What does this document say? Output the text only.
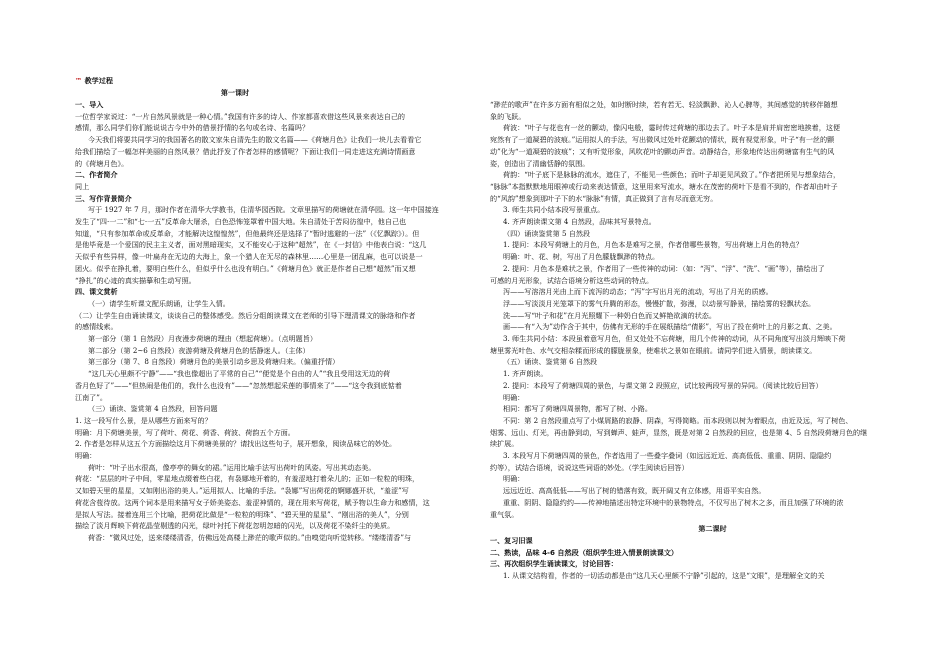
™ 教学过程
第一课时
一、导入
一位哲学家说过：“一片自然风景就是一种心情。”我国有许多的诗人、作家都喜欢借这些风景来表达自己的
感情，那么同学们你们能说说古今中外的借景抒情的名句或名诗、名篇吗？
今天我们将要共同学习的我国著名的散文家朱自清先生的散文名篇——《荷塘月色》让我们一块儿去看看它
给我们描绘了一幅怎样美丽的自然风景？借此抒发了作者怎样的感情呢？下面让我们一同走进这充满诗情画意
的《荷塘月色》。
二、作者简介
同上
三、写作背景简介
写于 1927 年 7 月，那时作者在清华大学教书，住清华园西院。文章里描写的荷塘就在清华园。这一年中国接连
发生了“四·一二”和“七·一五”反革命大屠杀，白色恐怖笼罩着中国大地。朱自清处于苦闷彷徨中，他自己也
知道，“只有参加革命或反革命，才能解决这惶惶然”，但他最终还是选择了“暂时逃避的一法”（《忆飘踪》）。但
是他毕竟是一个爱国的民主主义者，面对黑暗现实，又不能安心于这种“超然”，在《一封信》中他表白说：“这几
天似乎有些异样，像一叶扁舟在无边的大海上，象一个猎人在无尽的森林里……心里是一团乱麻，也可以说是一
团火。似乎在挣扎着，要明白些什么，但似乎什么也没有明白。”《荷塘月色》就正是作者自己想“超然”而又想
“挣扎”的心迹的真实描摹和生动写照。
四、课文赏析
（一）请学生听课文配乐朗诵，让学生入情。
（二）让学生自由诵读课文，谈谈自己的整体感受。然后分组朗读课文在老师的引导下理清课文的脉络和作者
的感情线索。
第一部分（第 1 自然段）月夜漫步荷塘的理由（想起荷塘）。（点明题旨）
第二部分（第 2~6 自然段）夜游荷塘及荷塘月色的恬静迷人。（主体）
第三部分（第 7、8 自然段）荷塘月色的美景引动乡思及荷塘归来。（偏重抒情）
“这几天心里颇不宁静”——“我也像超出了平常的自己”“便觉是个自由的人”“我且受用这无边的荷
香月色好了”——“但热闹是他们的，我什么也没有”——“忽然想起采莲的事情来了”——“这令我到底惦着
江南了”。
（三）诵读、鉴赏第 4 自然段，回答问题
1. 这一段写什么景，是从哪些方面来写的？
明确：月下荷塘美景，写了荷叶、荷花、荷香、荷波、荷韵五个方面。
2. 作者是怎样从这五个方面描绘这月下荷塘美景的？请找出这些句子，展开想象，阅读品味它的妙处。
明确：
荷叶：“叶子出水很高，像亭亭的舞女的裙。”运用比喻手法写出荷叶的风姿。写出其动态美。
荷花：“层层的叶子中间，零星地点缀着些白花，有袅娜地开着的，有羞涩地打着朵儿的；正如一粒粒的明珠，
又如碧天里的星星，又如刚出浴的美人。”运用拟人、比喻的手法。“袅娜”写出荷花的婀娜盛开状，“羞涩”写
荷花含苞待放。这两个词本是用来描写女子娇美姿态、羞涩神情的，现在用来写荷花，赋予物以生命力和感情，这
是拟人写法。接着连用三个比喻，把荷花比做是“一粒粒的明珠”、“碧天里的星星”、“刚出浴的美人”，分别
描绘了淡月辉映下荷花晶莹剔透的闪光，绿叶衬托下荷花忽明忽暗的闪光，以及荷花不染纤尘的美质。
荷香：“微风过处，送来缕缕清香，仿佛远处高楼上渺茫的歌声似的。”由嗅觉向听觉转移。“缕缕清香”与
第二课时
“渺茫的歌声”在许多方面有相似之处，如时断时续，若有若无、轻淡飘渺、沁人心脾等，其间感觉的转移伴随想
象的飞跃。
荷波：“叶子与花也有一丝的颤动，像闪电般，霎时传过荷塘的那边去了。叶子本是肩并肩密密地挨着，这便
宛然有了一道凝碧的波痕。”运用拟人的手法，写出微风过处叶花颤动的情状，既有视觉形象，叶子“有一丝的颤
动”化为“一道凝碧的波痕”；又有听觉形象，风吹花叶的颤动声音。动静结合，形象地传达出荷塘富有生气的风
姿，创造出了清幽恬静的氛围。
荷韵：“叶子底下是脉脉的流水，遮住了，不能见一些颜色；而叶子却更见风致了。”作者把所见与想象结合，
“脉脉”本指默默地用眼神或行动来表达情意，这里用来写流水，塘水在茂密的荷叶下是看不到的，作者却由叶子
的“风韵”想象到那叶子下的水“脉脉”有情，真正做到了言有尽而意无穷。
3. 师生共同小结本段写景重点。
4. 齐声朗读课文第 4 自然段，品味其写景特点。
（四）诵读鉴赏第 5 自然段
1. 提问：本段写荷塘上的月色，月色本是难写之景，作者借哪些景物，写出荷塘上月色的特点？
明确：叶、花、树，写出了月色朦胧飘渺的特点。
2. 提问：月色本是难状之景，作者用了一些传神的动词：（如：“泻”、“浮”、“洗”、“画”等），描绘出了
可感的月光形象，试结合语境分析这些动词的特点。
泻——写溶溶月光由上而下流泻的动态；“泻”字写出月光的流动，写出了月光的质感。
浮——写淡淡月光笼罩下的雾气升腾的形态，慢慢扩散，弥漫，以动景写静景，描绘雾的轻飘状态。
洗——写“叶子和花”在月光照耀下一种奶白色而又鲜艳欲滴的状态。
画——有“入为”动作含于其中，仿佛有无形的手在展纸描绘“倩影”，写出了投在荷叶上的月影之真、之美。
3. 师生共同小结：本段虽着意写月色，但又处处不忘荷塘，用几个传神的动词，从不同角度写出淡月辉映下荷
塘里雾光叶色、水气交相杂糅而形成的朦胧景象，使难状之景如在眼前。请同学们进入情景，朗读课文。
（五）诵读、鉴赏第 6 自然段
1. 齐声朗读。
2. 提问：本段写了荷塘四周的景色，与课文第 2 段照应，试比较两段写景的异同。（阅读比较后回答）
明确：
相同：都写了荷塘四周景物，都写了树、小路。
不同：第 2 自然段重点写了小煤屑路的寂静、阴森，写得简略。而本段则以树为着眼点，由近及远，写了树色、
烟雾、远山、灯光，再由静到动，写到蝉声、蛙声，显然，既是对第 2 自然段的回应，也是第 4、5 自然段荷塘月色的继
续扩展。
3. 本段写月下荷塘四周的景色，作者选用了一些叠字叠词（如远远近近、高高低低、重重、阴阴、隐隐约
约等），试结合语境，说说这些词语的妙处。（学生阅读后回答）
明确：
远远近近、高高低低——写出了树的错落有致，既开阔又有立体感，用语平实自然。
重重、阴阴、隐隐约约——传神地描述出特定环境中的景物特点，不仅写出了树木之多，而且加强了环境的浓
重气氛。
一、复习旧课
二、熟读，品味 4-6 自然段（组织学生进入情景朗读课文）
三、再次组织学生诵读课文，讨论回答：
1. 从课文结构看，作者的一切活动都是由“这几天心里颇不宁静”引起的，这是“文眼”，是理解全文的关
